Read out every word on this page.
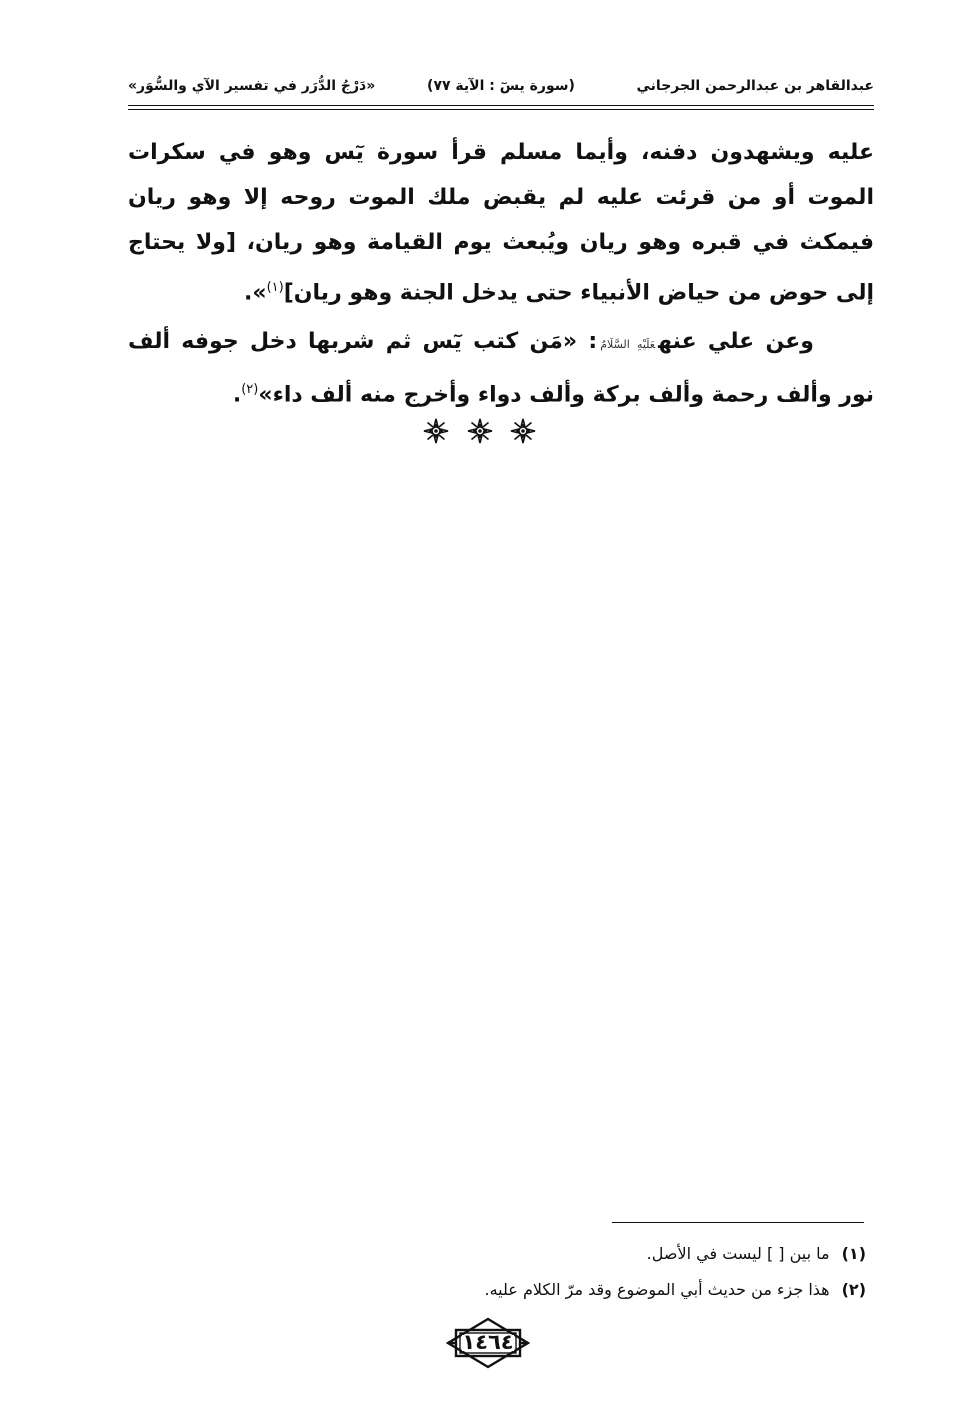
عبدالقاهر بن عبدالرحمن الجرجاني
(سورة يسٓ : الآية ٧٧)
«دَرْجُ الدُّرَر في تفسير الآي والسُّوَر»

عليه ويشهدون دفنه، وأيما مسلم قرأ سورة يٓس وهو في سكرات الموت أو من قرئت عليه لم يقبض ملك الموت روحه إلا وهو ريان فيمكث في قبره وهو ريان ويُبعث يوم القيامة وهو ريان، [ولا يحتاج إلى حوض من حياض الأنبياء حتى يدخل الجنة وهو ريان]$^{(١)}$».

وعن علي عنهعَلَيْهِ السَّلَامُ: «مَن كتب يٓس ثم شربها دخل جوفه ألف نور وألف رحمة وألف بركة وألف دواء وأخرج منه ألف داء»$^{(٢)}$.

(١)ما بين [ ] ليست في الأصل.

(٢)هذا جزء من حديث أبي الموضوع وقد مرّ الكلام عليه.

١٤٦٤
